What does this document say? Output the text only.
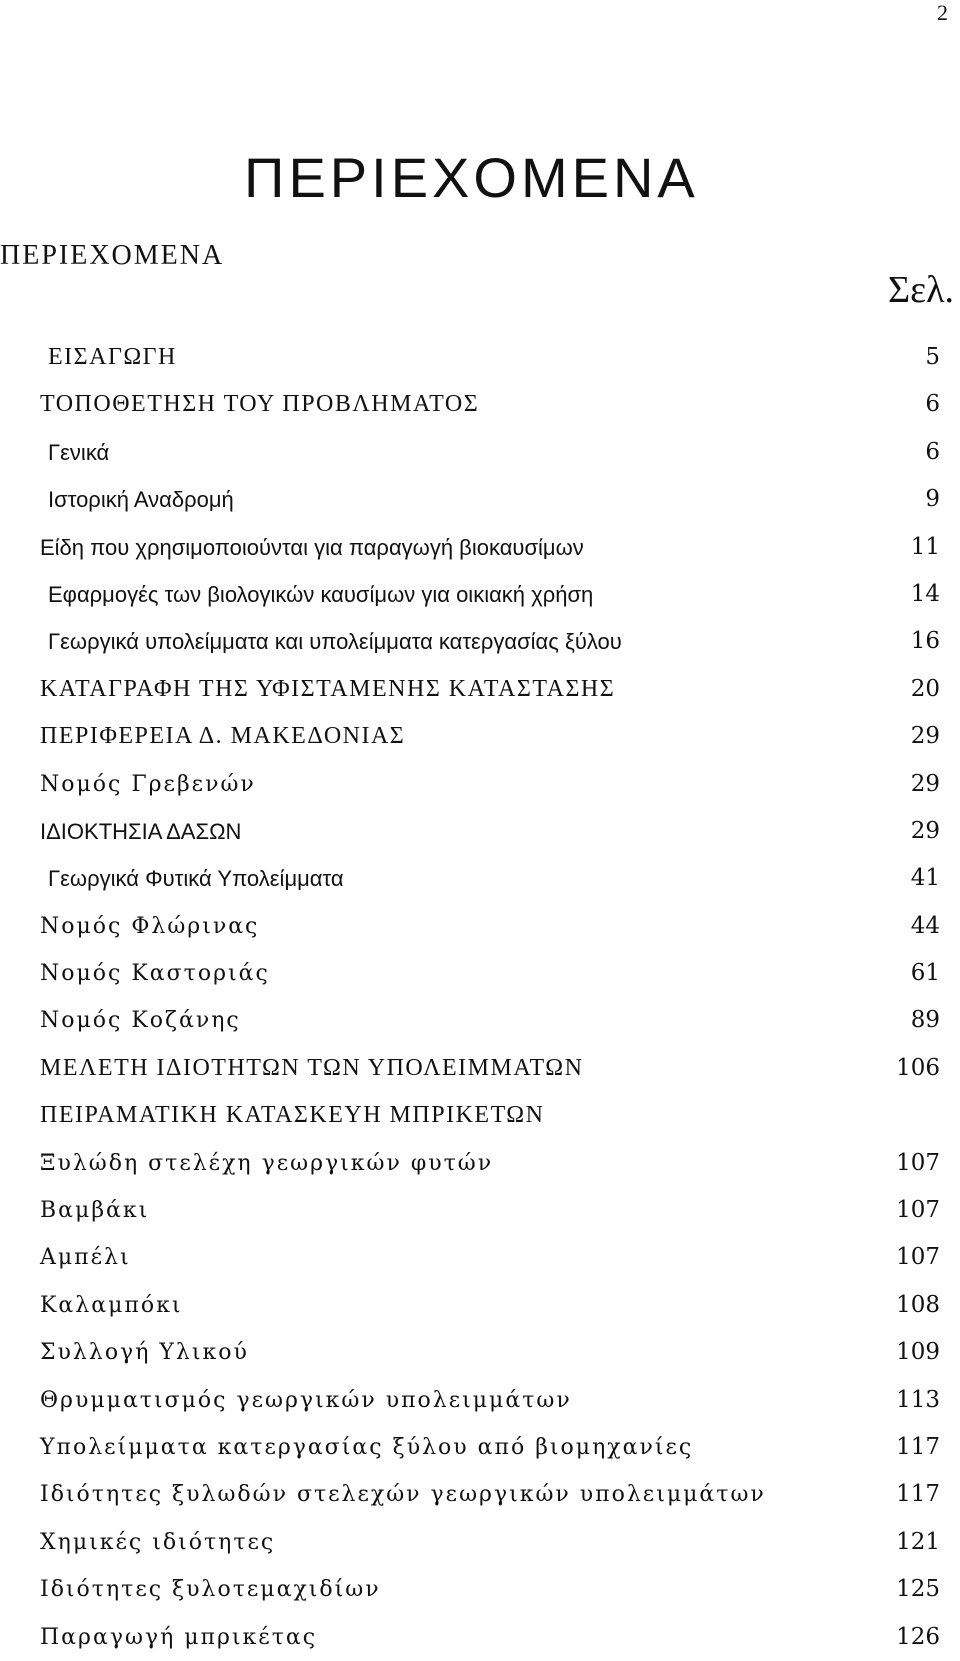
2
ΠΕΡΙΕΧΟΜΕΝΑ
ΠΕΡΙΕΧΟΜΕΝΑ
Σελ.
ΕΙΣΑΓΩΓΗ	5
ΤΟΠΟΘΕΤΗΣΗ ΤΟΥ ΠΡΟΒΛΗΜΑΤΟΣ	6
Γενικά	6
Ιστορική Αναδρομή	9
Είδη που χρησιμοποιούνται για παραγωγή βιοκαυσίμων	11
Εφαρμογές των βιολογικών καυσίμων για οικιακή χρήση	14
Γεωργικά υπολείμματα και υπολείμματα κατεργασίας ξύλου	16
ΚΑΤΑΓΡΑΦΗ ΤΗΣ ΥΦΙΣΤΑΜΕΝΗΣ ΚΑΤΑΣΤΑΣΗΣ	20
ΠΕΡΙΦΕΡΕΙΑ Δ. ΜΑΚΕΔΟΝΙΑΣ	29
Νομός Γρεβενών	29
ΙΔΙΟΚΤΗΣΙΑ ΔΑΣΩΝ	29
Γεωργικά Φυτικά Υπολείμματα	41
Νομός Φλώρινας	44
Νομός Καστοριάς	61
Νομός Κοζάνης	89
ΜΕΛΕΤΗ ΙΔΙΟΤΗΤΩΝ ΤΩΝ ΥΠΟΛΕΙΜΜΑΤΩΝ	106
ΠΕΙΡΑΜΑΤΙΚΗ ΚΑΤΑΣΚΕΥΗ ΜΠΡΙΚΕΤΩΝ
Ξυλώδη στελέχη γεωργικών φυτών	107
Βαμβάκι	107
Αμπέλι	107
Καλαμπόκι	108
Συλλογή Υλικού	109
Θρυμματισμός γεωργικών υπολειμμάτων	113
Υπολείμματα κατεργασίας ξύλου από βιομηχανίες	117
Ιδιότητες ξυλωδών στελεχών γεωργικών υπολειμμάτων	117
Χημικές ιδιότητες	121
Ιδιότητες ξυλοτεμαχιδίων	125
Παραγωγή μπρικέτας	126
